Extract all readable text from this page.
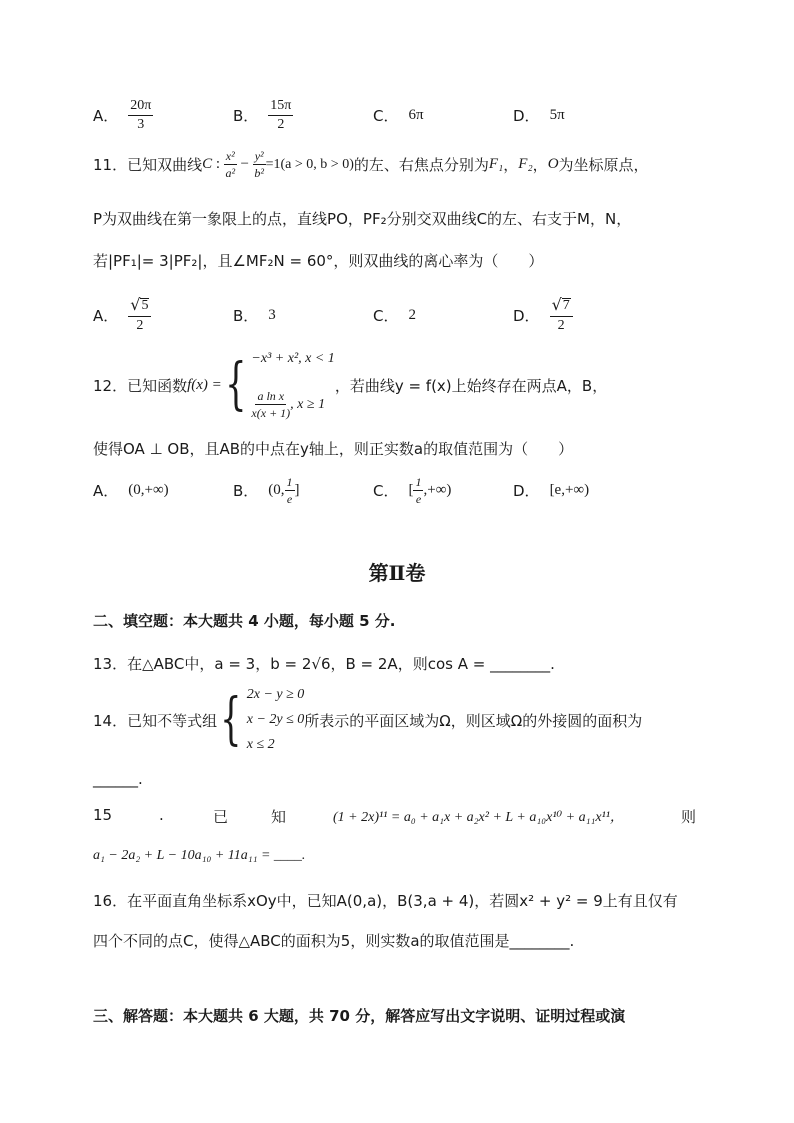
A． $\frac{20\pi}{3}$	B． $\frac{15\pi}{2}$	C． 6π	D． 5π
11．已知双曲线 C : $\frac{\text{x²}}{\text{a²}} - \frac{\text{y²}}{\text{b²}} =1(a > 0$, b > 0) 的左、右焦点分别为 F₁ ， F₂ ， O 为坐标原点，
P为双曲线在第一象限上的点，直线PO，PF₂分别交双曲线C的左、右支于M，N，
若|PF₁|= 3|PF₂|，且∠MF₂N = 60°，则双曲线的离心率为（　　）
A． $\frac{√ 5}{2}$	B． 3	C． 2	D． $\frac{√ 7}{2}$
12．已知函数 f(x) = { −x³ + x², x < 1
$\frac{\text{a ln x}}{x(x + 1)}$ , x ≥ 1
，若曲线y = f(x)上始终存在两点A，B，
使得OA ⊥ OB，且AB的中点在y轴上，则正实数a的取值范围为（　　）
A． (0,+∞)	B． (0, $\frac{1}{e}$ ]	C． [ $\frac{1}{e}$ ,+∞)	D． [e,+∞)
第Ⅱ卷
二、填空题：本大题共 4 小题，每小题 5 分.
13．在△ABC中，a = 3，b = 2√6，B = 2A，则cos A = ________.
14．已知不等式组 { 2x − y ≥ 0
x − 2y ≤ 0
x ≤ 2
所表示的平面区域为Ω，则区域Ω的外接圆的面积为
______.
15	.	已	知	(1 + 2x)¹¹ = a₀ + a₁x + a₂x² + L + a₁₀x¹⁰ + a₁₁x¹¹，	则
a₁ − 2a₂ + L − 10a₁₀ + 11a₁₁ = ____.
16．在平面直角坐标系xOy中，已知A(0,a)，B(3,a + 4)，若圆x² + y² = 9上有且仅有
四个不同的点C，使得△ABC的面积为5，则实数a的取值范围是________.
三、解答题：本大题共 6 大题，共 70 分，解答应写出文字说明、证明过程或演
